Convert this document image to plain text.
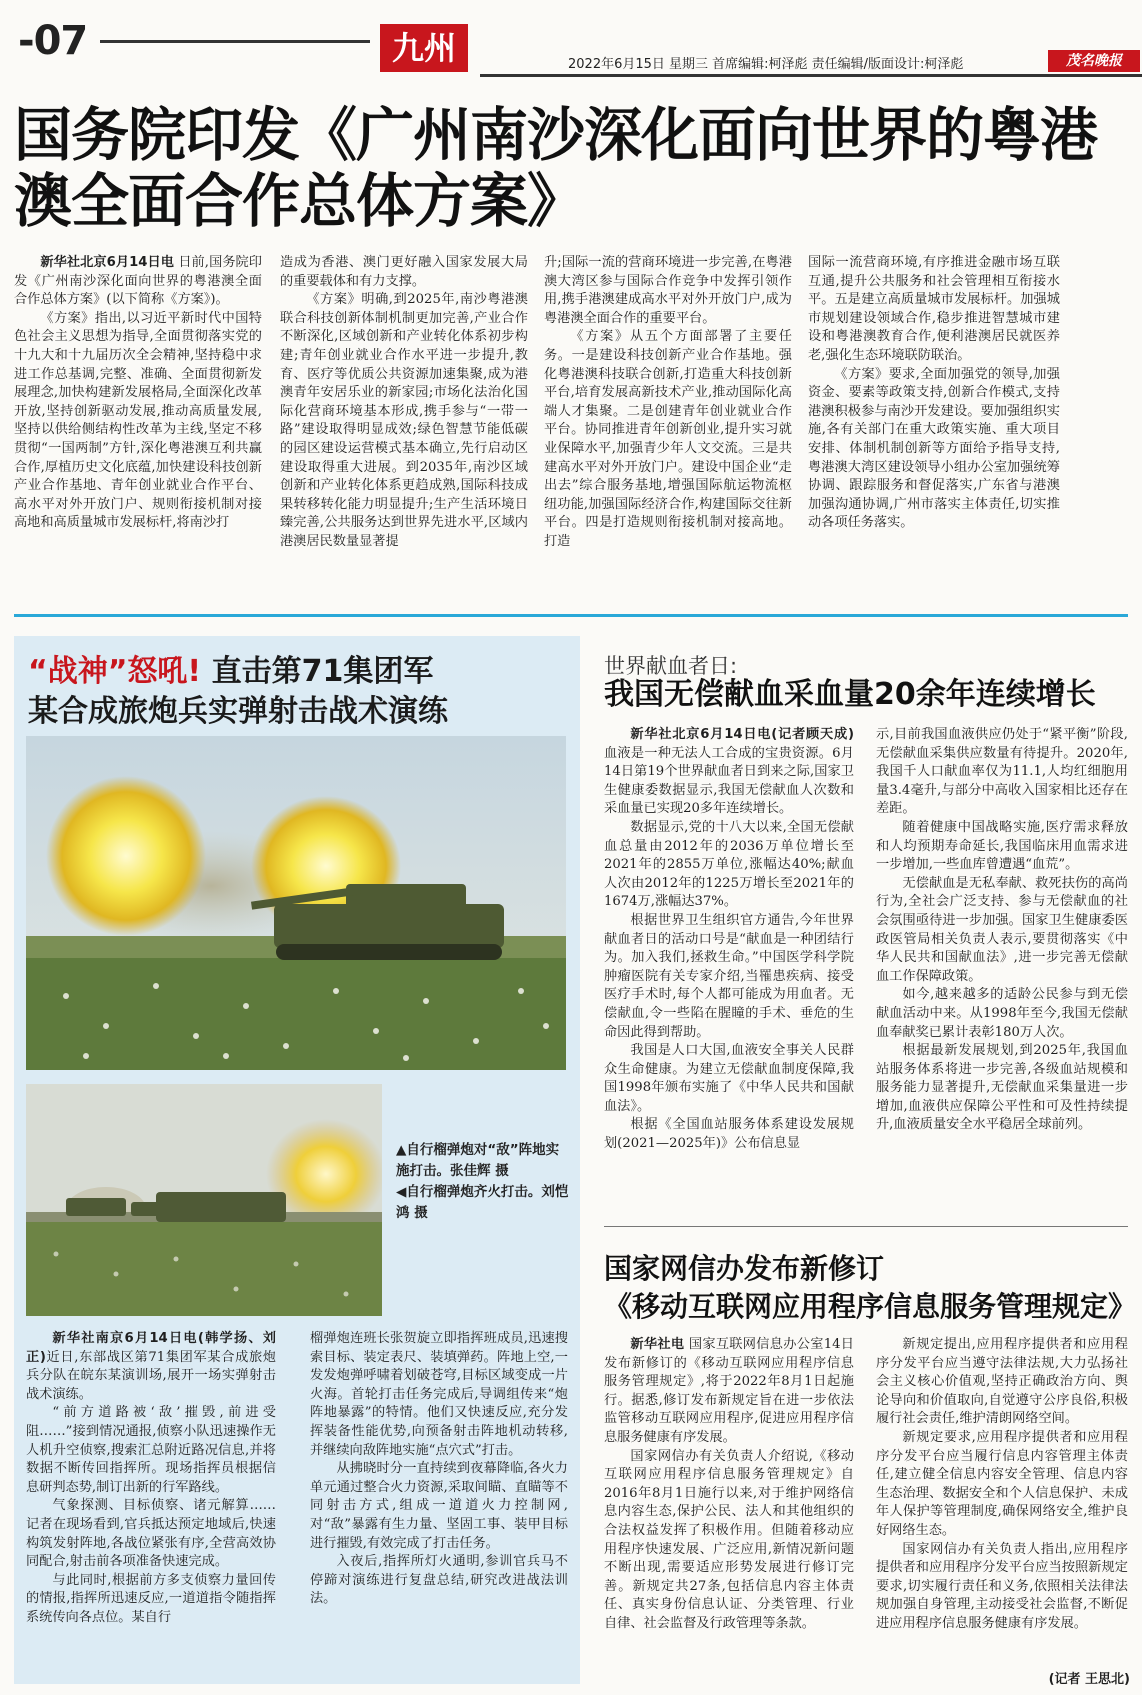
-07	九州	2022年6月15日 星期三 首席编辑:柯泽彪 责任编辑/版面设计:柯泽彪	茂名晚报
国务院印发《广州南沙深化面向世界的粤港澳全面合作总体方案》

新华社北京6月14日电 日前,国务院印发《广州南沙深化面向世界的粤港澳全面合作总体方案》(以下简称《方案》)。

《方案》指出,以习近平新时代中国特色社会主义思想为指导,全面贯彻落实党的十九大和十九届历次全会精神,坚持稳中求进工作总基调,完整、准确、全面贯彻新发展理念,加快构建新发展格局,全面深化改革开放,坚持创新驱动发展,推动高质量发展,坚持以供给侧结构性改革为主线,坚定不移贯彻“一国两制”方针,深化粤港澳互利共赢合作,厚植历史文化底蕴,加快建设科技创新产业合作基地、青年创业就业合作平台、高水平对外开放门户、规则衔接机制对接高地和高质量城市发展标杆,将南沙打

造成为香港、澳门更好融入国家发展大局的重要载体和有力支撑。

《方案》明确,到2025年,南沙粤港澳联合科技创新体制机制更加完善,产业合作不断深化,区域创新和产业转化体系初步构建;青年创业就业合作水平进一步提升,教育、医疗等优质公共资源加速集聚,成为港澳青年安居乐业的新家园;市场化法治化国际化营商环境基本形成,携手参与“一带一路”建设取得明显成效;绿色智慧节能低碳的园区建设运营模式基本确立,先行启动区建设取得重大进展。到2035年,南沙区域创新和产业转化体系更趋成熟,国际科技成果转移转化能力明显提升;生产生活环境日臻完善,公共服务达到世界先进水平,区域内港澳居民数量显著提

升;国际一流的营商环境进一步完善,在粤港澳大湾区参与国际合作竞争中发挥引领作用,携手港澳建成高水平对外开放门户,成为粤港澳全面合作的重要平台。

《方案》从五个方面部署了主要任务。一是建设科技创新产业合作基地。强化粤港澳科技联合创新,打造重大科技创新平台,培育发展高新技术产业,推动国际化高端人才集聚。二是创建青年创业就业合作平台。协同推进青年创新创业,提升实习就业保障水平,加强青少年人文交流。三是共建高水平对外开放门户。建设中国企业“走出去”综合服务基地,增强国际航运物流枢纽功能,加强国际经济合作,构建国际交往新平台。四是打造规则衔接机制对接高地。打造

国际一流营商环境,有序推进金融市场互联互通,提升公共服务和社会管理相互衔接水平。五是建立高质量城市发展标杆。加强城市规划建设领域合作,稳步推进智慧城市建设和粤港澳教育合作,便利港澳居民就医养老,强化生态环境联防联治。

《方案》要求,全面加强党的领导,加强资金、要素等政策支持,创新合作模式,支持港澳积极参与南沙开发建设。要加强组织实施,各有关部门在重大政策实施、重大项目安排、体制机制创新等方面给予指导支持,粤港澳大湾区建设领导小组办公室加强统筹协调、跟踪服务和督促落实,广东省与港澳加强沟通协调,广州市落实主体责任,切实推动各项任务落实。

“战神”怒吼! 直击第71集团军
某合成旅炮兵实弹射击战术演练

▲自行榴弹炮对“敌”阵地实施打击。张佳辉 摄

◀自行榴弹炮齐火打击。刘恺鸿 摄

新华社南京6月14日电(韩学扬、刘正)近日,东部战区第71集团军某合成旅炮兵分队在皖东某演训场,展开一场实弹射击战术演练。

“前方道路被‘敌’摧毁,前进受阻……”接到情况通报,侦察小队迅速操作无人机升空侦察,搜索汇总附近路况信息,并将数据不断传回指挥所。现场指挥员根据信息研判态势,制订出新的行军路线。

气象探测、目标侦察、诸元解算……记者在现场看到,官兵抵达预定地域后,快速构筑发射阵地,各战位紧张有序,全营高效协同配合,射击前各项准备快速完成。

与此同时,根据前方多支侦察力量回传的情报,指挥所迅速反应,一道道指令随指挥系统传向各点位。某自行

榴弹炮连班长张贺旋立即指挥班成员,迅速搜索目标、装定表尺、装填弹药。阵地上空,一发发炮弹呼啸着划破苍穹,目标区域变成一片火海。首轮打击任务完成后,导调组传来“炮阵地暴露”的特情。他们又快速反应,充分发挥装备性能优势,向预备射击阵地机动转移,并继续向敌阵地实施“点穴式”打击。

从拂晓时分一直持续到夜幕降临,各火力单元通过整合火力资源,采取间瞄、直瞄等不同射击方式,组成一道道火力控制网,对“敌”暴露有生力量、坚固工事、装甲目标进行摧毁,有效完成了打击任务。

入夜后,指挥所灯火通明,参训官兵马不停蹄对演练进行复盘总结,研究改进战法训法。

世界献血者日:
我国无偿献血采血量20余年连续增长

新华社北京6月14日电(记者顾天成)血液是一种无法人工合成的宝贵资源。6月14日第19个世界献血者日到来之际,国家卫生健康委数据显示,我国无偿献血人次数和采血量已实现20多年连续增长。

数据显示,党的十八大以来,全国无偿献血总量由2012年的2036万单位增长至2021年的2855万单位,涨幅达40%;献血人次由2012年的1225万增长至2021年的1674万,涨幅达37%。

根据世界卫生组织官方通告,今年世界献血者日的活动口号是“献血是一种团结行为。加入我们,拯救生命。”中国医学科学院肿瘤医院有关专家介绍,当罹患疾病、接受医疗手术时,每个人都可能成为用血者。无偿献血,令一些陷在腥瞳的手术、垂危的生命因此得到帮助。

我国是人口大国,血液安全事关人民群众生命健康。为建立无偿献血制度保障,我国1998年颁布实施了《中华人民共和国献血法》。

根据《全国血站服务体系建设发展规划(2021—2025年)》公布信息显

示,目前我国血液供应仍处于“紧平衡”阶段,无偿献血采集供应数量有待提升。2020年,我国千人口献血率仅为11.1,人均红细胞用量3.4毫升,与部分中高收入国家相比还存在差距。

随着健康中国战略实施,医疗需求释放和人均预期寿命延长,我国临床用血需求进一步增加,一些血库曾遭遇“血荒”。

无偿献血是无私奉献、救死扶伤的高尚行为,全社会广泛支持、参与无偿献血的社会氛围亟待进一步加强。国家卫生健康委医政医管局相关负责人表示,要贯彻落实《中华人民共和国献血法》,进一步完善无偿献血工作保障政策。

如今,越来越多的适龄公民参与到无偿献血活动中来。从1998年至今,我国无偿献血奉献奖已累计表彰180万人次。

根据最新发展规划,到2025年,我国血站服务体系将进一步完善,各级血站规模和服务能力显著提升,无偿献血采集量进一步增加,血液供应保障公平性和可及性持续提升,血液质量安全水平稳居全球前列。

国家网信办发布新修订
《移动互联网应用程序信息服务管理规定》

新华社电 国家互联网信息办公室14日发布新修订的《移动互联网应用程序信息服务管理规定》,将于2022年8月1日起施行。据悉,修订发布新规定旨在进一步依法监管移动互联网应用程序,促进应用程序信息服务健康有序发展。

国家网信办有关负责人介绍说,《移动互联网应用程序信息服务管理规定》自2016年8月1日施行以来,对于维护网络信息内容生态,保护公民、法人和其他组织的合法权益发挥了积极作用。但随着移动应用程序快速发展、广泛应用,新情况新问题不断出现,需要适应形势发展进行修订完善。新规定共27条,包括信息内容主体责任、真实身份信息认证、分类管理、行业自律、社会监督及行政管理等条款。

新规定提出,应用程序提供者和应用程序分发平台应当遵守法律法规,大力弘扬社会主义核心价值观,坚持正确政治方向、舆论导向和价值取向,自觉遵守公序良俗,积极履行社会责任,维护清朗网络空间。

新规定要求,应用程序提供者和应用程序分发平台应当履行信息内容管理主体责任,建立健全信息内容安全管理、信息内容生态治理、数据安全和个人信息保护、未成年人保护等管理制度,确保网络安全,维护良好网络生态。

国家网信办有关负责人指出,应用程序提供者和应用程序分发平台应当按照新规定要求,切实履行责任和义务,依照相关法律法规加强自身管理,主动接受社会监督,不断促进应用程序信息服务健康有序发展。

(记者 王思北)
